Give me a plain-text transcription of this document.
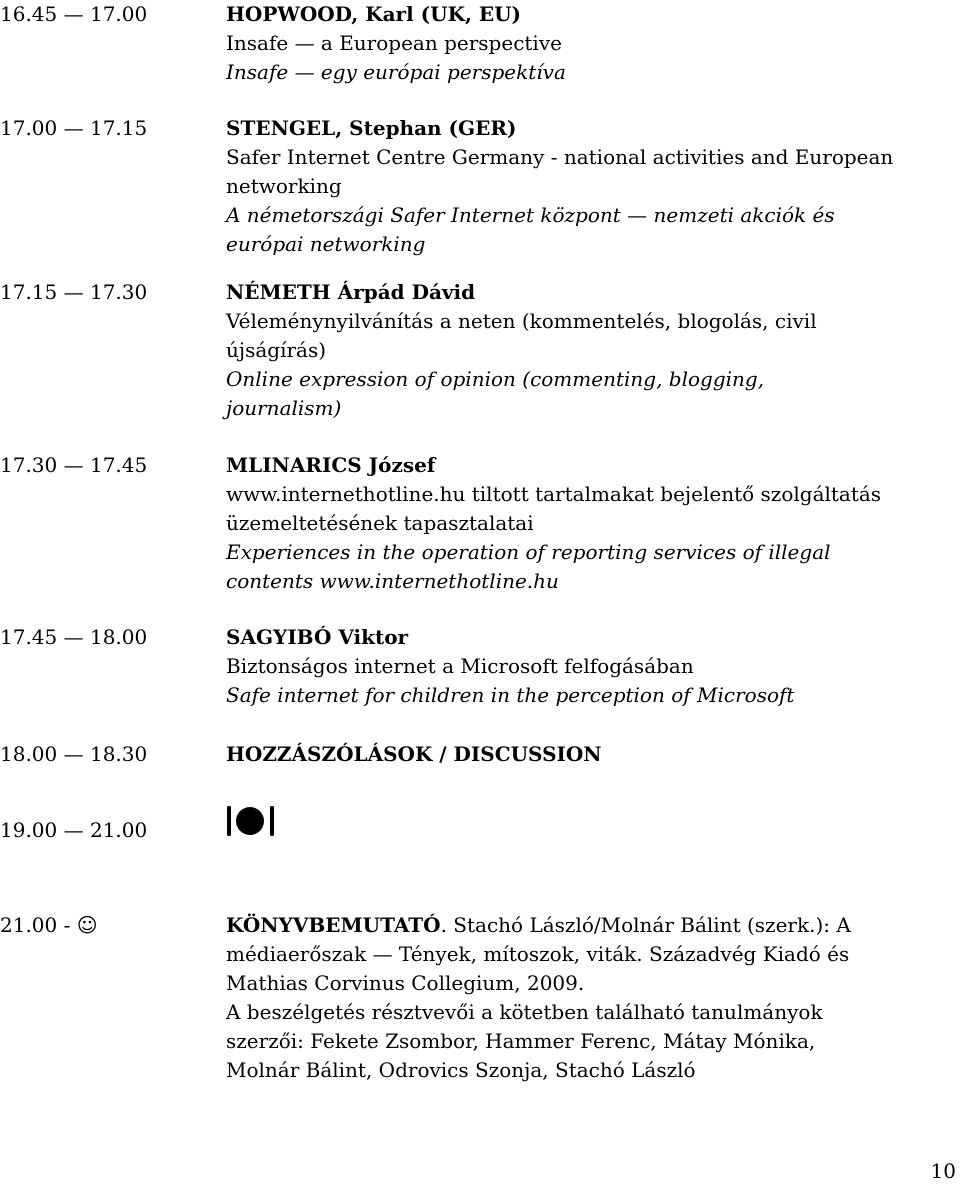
16.45 — 17.00	HOPWOOD, Karl (UK, EU)
Insafe — a European perspective
Insafe — egy európai perspektíva
17.00 — 17.15	STENGEL, Stephan (GER)
Safer Internet Centre Germany - national activities and European
networking
A németországi Safer Internet központ — nemzeti akciók és
európai networking
17.15 — 17.30	NÉMETH Árpád Dávid
Véleménynyilvánítás a neten (kommentelés, blogolás, civil
újságírás)
Online expression of opinion (commenting, blogging,
journalism)
17.30 — 17.45	MLINARICS József
www.internethotline.hu tiltott tartalmakat bejelentő szolgáltatás
üzemeltetésének tapasztalatai
Experiences in the operation of reporting services of illegal
contents www.internethotline.hu
17.45 — 18.00	SAGYIBÓ Viktor
Biztonságos internet a Microsoft felfogásában
Safe internet for children in the perception of Microsoft
18.00 — 18.30	HOZZÁSZÓLÁSOK / DISCUSSION
19.00 — 21.00
21.00 - ☺	KÖNYVBEMUTATÓ. Stachó László/Molnár Bálint (szerk.): A
médiaerőszak — Tények, mítoszok, viták. Századvég Kiadó és
Mathias Corvinus Collegium, 2009.
A beszélgetés résztvevői a kötetben található tanulmányok
szerzői: Fekete Zsombor, Hammer Ferenc, Mátay Mónika,
Molnár Bálint, Odrovics Szonja, Stachó László
10
